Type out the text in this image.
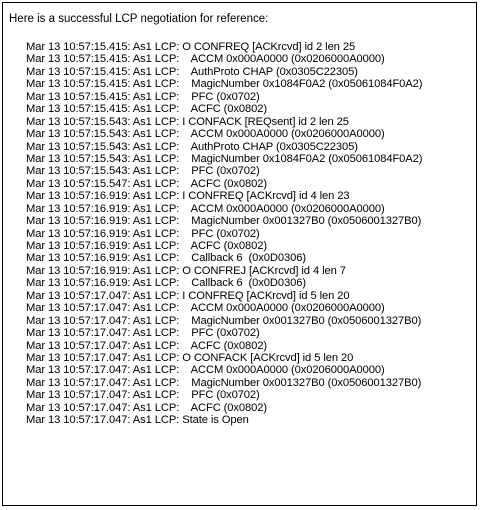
Here is a successful LCP negotiation for reference:
Mar 13 10:57:15.415: As1 LCP: O CONFREQ [ACKrcvd] id 2 len 25
Mar 13 10:57:15.415: As1 LCP:    ACCM 0x000A0000 (0x0206000A0000)
Mar 13 10:57:15.415: As1 LCP:    AuthProto CHAP (0x0305C22305)
Mar 13 10:57:15.415: As1 LCP:    MagicNumber 0x1084F0A2 (0x05061084F0A2)
Mar 13 10:57:15.415: As1 LCP:    PFC (0x0702)
Mar 13 10:57:15.415: As1 LCP:    ACFC (0x0802)
Mar 13 10:57:15.543: As1 LCP: I CONFACK [REQsent] id 2 len 25
Mar 13 10:57:15.543: As1 LCP:    ACCM 0x000A0000 (0x0206000A0000)
Mar 13 10:57:15.543: As1 LCP:    AuthProto CHAP (0x0305C22305)
Mar 13 10:57:15.543: As1 LCP:    MagicNumber 0x1084F0A2 (0x05061084F0A2)
Mar 13 10:57:15.543: As1 LCP:    PFC (0x0702)
Mar 13 10:57:15.547: As1 LCP:    ACFC (0x0802)
Mar 13 10:57:16.919: As1 LCP: I CONFREQ [ACKrcvd] id 4 len 23
Mar 13 10:57:16.919: As1 LCP:    ACCM 0x000A0000 (0x0206000A0000)
Mar 13 10:57:16.919: As1 LCP:    MagicNumber 0x001327B0 (0x0506001327B0)
Mar 13 10:57:16.919: As1 LCP:    PFC (0x0702)
Mar 13 10:57:16.919: As1 LCP:    ACFC (0x0802)
Mar 13 10:57:16.919: As1 LCP:    Callback 6  (0x0D0306)
Mar 13 10:57:16.919: As1 LCP: O CONFREJ [ACKrcvd] id 4 len 7
Mar 13 10:57:16.919: As1 LCP:    Callback 6  (0x0D0306)
Mar 13 10:57:17.047: As1 LCP: I CONFREQ [ACKrcvd] id 5 len 20
Mar 13 10:57:17.047: As1 LCP:    ACCM 0x000A0000 (0x0206000A0000)
Mar 13 10:57:17.047: As1 LCP:    MagicNumber 0x001327B0 (0x0506001327B0)
Mar 13 10:57:17.047: As1 LCP:    PFC (0x0702)
Mar 13 10:57:17.047: As1 LCP:    ACFC (0x0802)
Mar 13 10:57:17.047: As1 LCP: O CONFACK [ACKrcvd] id 5 len 20
Mar 13 10:57:17.047: As1 LCP:    ACCM 0x000A0000 (0x0206000A0000)
Mar 13 10:57:17.047: As1 LCP:    MagicNumber 0x001327B0 (0x0506001327B0)
Mar 13 10:57:17.047: As1 LCP:    PFC (0x0702)
Mar 13 10:57:17.047: As1 LCP:    ACFC (0x0802)
Mar 13 10:57:17.047: As1 LCP: State is Open
